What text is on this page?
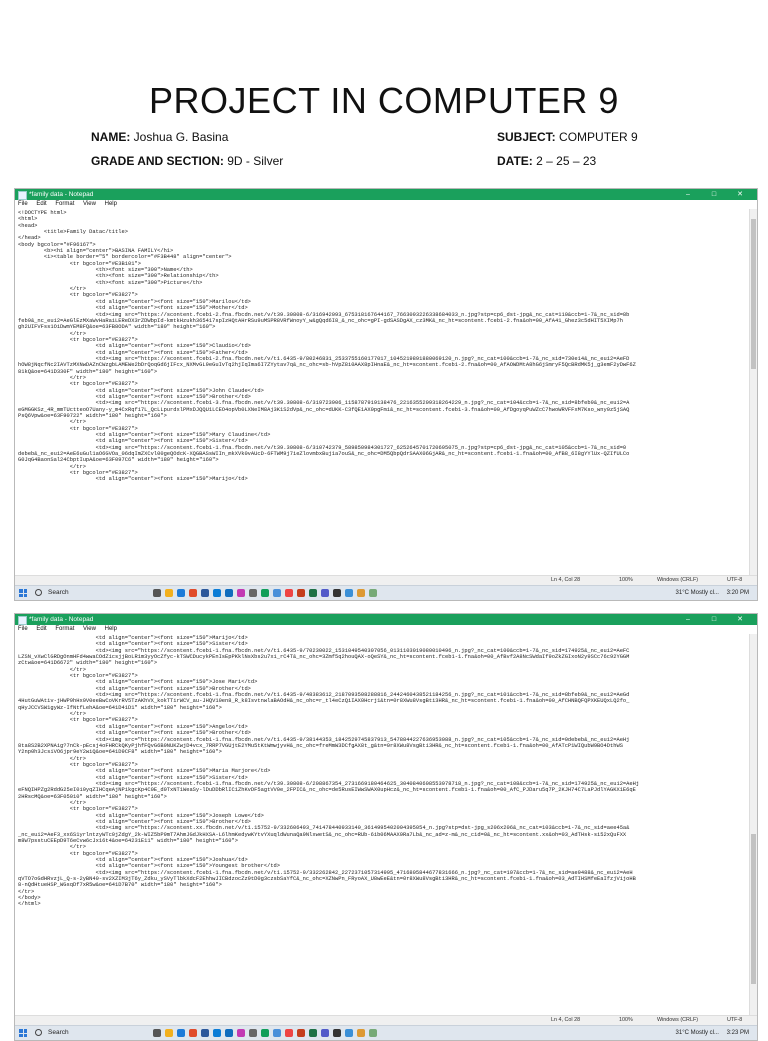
PROJECT IN COMPUTER 9
NAME: Joshua G. Basina	SUBJECT: COMPUTER 9
GRADE AND SECTION: 9D - Silver	DATE: 2 – 25 – 23
*family data - Notepad	–	□	✕
File Edit Format View Help
<!DOCTYPE html>
<html>
<head>
<title>Family Datac/title>
</head>
<body bgcolor="#F96167">
<b><h1 align="center">BASINA FAMILY</h1>
<i><table border="5" bordercolor="#F3B448" align="center">
<tr bgcolor="#E3B101">
<th><font size="300">Name</th>
<th><font size="300">Relationship</th>
<th><font size="300">Picture</th>
</tr>
<tr bgcolor="#E3827">
<td align="center"><font size="150">Marilou</td>
<td align="center"><font size="150">Mother</td>
<td><img src="https://scontent.fceb1-2.fna.fbcdn.net/v/t39.30808-6/316942093_675318167644167_7663093226338684033_n.jpg?stp=cp6_dst-jpg&_nc_cat=110&ccb=1-7&_nc_sid=8b
feb9&_nc_eui2=AeGlEzMXaWvHaRaiLEReDX3rZDWbpId-kmtkHzukh365417spIzHQtAHrRSu9uMSPR8VRfWnoyY_w&gQqd6I8_&_nc_ohc=gPI-gdSASDgAX_cz3MK&_nc_ht=scontent.fceb1-2.fna&oh=00_AfA41_Ghez3c5dHIT5XIMp7h
gh2UIFVFss1OiDwmYEM8FQ&oe=63FB8ODA" width="180" height="160">
</tr>
<tr bgcolor="#E3827">
<td align="center"><font size="150">Claudio</td>
<td align="center"><font size="150">Father</td>
<td><img src="https://scontent.fceb1-2.fna.fbcdn.net/v/t1.6435-9/80246831_2533755160177017_1045219891880069120_n.jpg?_nc_cat=100&ccb=1-7&_nc_sid=730e14&_nc_eui2=AeFD
hOW8jNqcfNc2IAVTzMXNwDAZnCWzgbLAMEWe2bDrQoqGd6jIFcx_NXMvGL9eGuIvTq2hjIqIma6I7ZYytav7q&_nc_ohc=sb-hVpZ8i0AAX8pIHnaE&_nc_ht=scontent.fceb1-2.fna&oh=00_AfAOWDMtA8hG6jSmryF5QcBRdMK5j_g3emF2yDwF6Z
81kQ&oe=641D330F" width="180" height="160">
</tr>
<tr bgcolor="#E3827">
<td align="center"><font size="150">John Claude</td>
<td align="center"><font size="150">Brother</td>
<td><img src="https://scontent.fceb1-3.fna.fbcdn.net/v/t39.30808-6/319723906_1158787919138476_2216355209318264229_n.jpg?_nc_cat=104&ccb=1-7&_nc_sid=8bfeb9&_nc_eui2=A
eGMGGKSz_4R_mmTUctteoO7Uany-y_m4CxRqfi7L_QcLLpurdxlPMxDJQQU1LCEO4opVb0LXNeIM8Aj3K1S2dVp&_nc_ohc=dUKK-C3fQE1AX0pgFmi&_nc_ht=scontent.fceb1-3.fna&oh=00_AfDgoyqPuWZcC7hwoWRVFFxM7Kso_wny0z5jSAQ
PsQ6Vpw&oe=63F90722" width="180" height="160">
</tr>
<tr bgcolor="#E3827">
<td align="center"><font size="150">Mary Claudine</td>
<td align="center"><font size="150">Sister</td>
<td><img src="https://scontent.fceb1-1.fna.fbcdn.net/v/t39.30808-6/310742379_589850984301727_6252645701720695075_n.jpg?stp=cp6_dst-jpg&_nc_cat=105&ccb=1-7&_nc_sid=0
debeb&_nc_eui2=AeE6uGul1aO6GVOa_06dqImZXCvl00geQOdcK-XQGBASsWIIn_mkXVk0vAUcD-6FTWM9j7ieZlovmbxBuj1a7ouS&_nc_ohc=DM5QbpQdrSAAX06GjAR&_nc_ht=scontent.fceb1-1.fna&oh=00_AfB8_6I8gYYlUx-QZIfULCo
G0JqG4BaonSal24CbptIupA&oe=63F097C6" width="180" height="160">
</tr>
<tr bgcolor="#E3827">
<td align="center"><font size="150">Marijo</td>
Ln 4, Col 28	100%	Windows (CRLF)	UTF-8
Search	31°C Mostly cl... 3:20 PM
*family data - Notepad	–	□	✕
File Edit Format View Help
<td align="center"><font size="150">Marijo</td>
<td align="center"><font size="150">Sister</td>
<td><img src="https://scontent.fceb1-1.fna.fbcdn.net/v/t1.6435-9/70230022_1531049540307056_0131103019080010496_n.jpg?_nc_cat=100&ccb=1-7&_nc_sid=174925&_nc_eui2=AeFC
LZSN_vXwClGRDgOnmHFd4wwaCOdZicsjjBoLR1m3yyOcZfyc-kTSWCDucykPEnIsEpPKklNsXbs2u7xi_rC4T&_nc_ohc=3Zmf5q2houQAX-oQeSY&_nc_ht=scontent.fceb1-1.fna&oh=00_AfBvf2A8NcSWdaIf9oZkZGIxoN2y9SCc76c92YGGM
zCtw&oe=641D6672" width="180" height="160">
</tr>
<tr bgcolor="#E3827">
<td align="center"><font size="150">Jose Mari</td>
<td align="center"><font size="150">Brother</td>
<td><img src="https://scontent.fceb1-1.fna.fbcdn.net/v/t1.6435-9/48383612_2187093508288816_2442460438521184256_n.jpg?_nc_cat=101&ccb=1-7&_nc_sid=8bfeb9&_nc_eui2=AeGd
4HutGuWAtiv-jHWP9hHx0V0eeBwCoVKrRV5TzAKhVX_kokTTirWCV_au-JHQV10en8_R_k8IsvtnwlaBAOdH&_nc_ohc=r_tl4eCzQiIAX0Hcrj1&tn=0r8XWu8VsgBti3HR&_nc_ht=scontent.fceb1-1.fna&oh=00_AfCHNBQFQPXKEUQxLQ2fo_
qHyJCCVSW1gyWz-IfNtfLehA&oe=641D41D1" width="180" height="160">
</tr>
<tr bgcolor="#E3827">
<td align="center"><font size="150">Angelo</td>
<td align="center"><font size="150">Brother</td>
<td><img src="https://scontent.fceb1-1.fna.fbcdn.net/v/t1.6435-9/38144353_1842529745837913_5478844227636953088_n.jpg?_nc_cat=105&ccb=1-7&_nc_sid=0debeb&_nc_eui2=AeHj
8ta8S2B2XPNAig?7nCk-pEcsj4oFHRCkQKyPjhfFQvG6B9NUKZwjD4vcx_7RRP7VGUjtE2YMu5tKtWmwjyvH&_nc_ohc=freMmW3DCfgAX8t_g&tn=0r8XWu8VsgBti3HR&_nc_ht=scontent.fceb1-1.fna&oh=00_AfATcP1WIQubW9BO4DthWS
Y2np0h3JcsiVO6jpr9eY2wiQ&oe=641D9CF8" width="180" height="160">
</tr>
<tr bgcolor="#E3827">
<td align="center"><font size="150">Maria Marjore</td>
<td align="center"><font size="150">Sister</td>
<td><img src="https://scontent.fceb1-1.fna.fbcdn.net/v/t39.30808-6/208867354_2731669180464625_3040840608553978718_n.jpg?_nc_cat=108&ccb=1-7&_nc_sid=174925&_nc_eui2=AeHj
eFNQIHPZg2RddG25eI0i0yqZIHCqeAjNPikgcKp4C0E_d0TxNT1WeaSy-lDuDDbRlIC1ZhKvDF5agtVV0e_2FPIC&_nc_ohc=de5RusEIWwSWAX0upHcz&_nc_ht=scontent.fceb1-1.fna&oh=00_AfC_PJDaru5q7P_2KJH74C7LaPJdlYAGKX1E6qE
2HRscMQ&oe=63F05010" width="180" height="160">
</tr>
<tr bgcolor="#E3827">
<td align="center"><font size="150">Joseph Lowe</td>
<td align="center"><font size="150">Brother</td>
<td><img src="https://scontent.xx.fbcdn.net/v/t1.15752-9/332606493_741478440933140_3614995402094395054_n.jpg?stp=dst-jpg_s206x206&_nc_cat=103&ccb=1-7&_nc_sid=aee45a&
_nc_eui2=AeF3_xx6S1yrlntzyWTc0jZdgY_2k-WIZ5bP9mT7AhmJGdJkHXSA-L6lhmKedywKYtvYXuqldWunaQa9NlxwetS&_nc_ohc=RUb-6ib06MAAX9Ra7Lb&_nc_ad=z-m&_nc_cid=0&_nc_ht=scontent.xx&oh=03_AdTHsk-si52xQuFXX
m8W7psstuCEEpD9T6eCvw6cJx16t4&oe=64231E11" width="180" height="160">
</tr>
<tr bgcolor="#E3827">
<td align="center"><font size="150">Joshua</td>
<td align="center"><font size="150">Youngest brother</td>
<td><img src="https://scontent.fceb1-1.fna.fbcdn.net/v/t1.15752-9/332262842_2272371057314995_4716805844677831666_n.jpg?_nc_cat=107&ccb=1-7&_nc_sid=ae9488&_nc_eui2=AeH
qVTO7oGdHRvzjL_Q-s-2yBN40-sv2XZIM3jT6y_Zdku_ySVyTlbkXdcF2EhhwJICBdzocZz9tD0g3czsbSaYfC&_nc_ohc=XZNwPn_FRyoAX_U8wEeE&tn=0r8XWu8VsgBti3HR&_nc_ht=scontent.fceb1-1.fna&oh=03_AdTIHSMfeEaIfzjVijoHB
8-nQdHtueHSP_WGsqDf7xR5w&oe=641D7B70" width="180" height="160">
</tr>
</body>
</html>
Ln 4, Col 28	100%	Windows (CRLF)	UTF-8
Search	31°C Mostly cl... 3:23 PM
